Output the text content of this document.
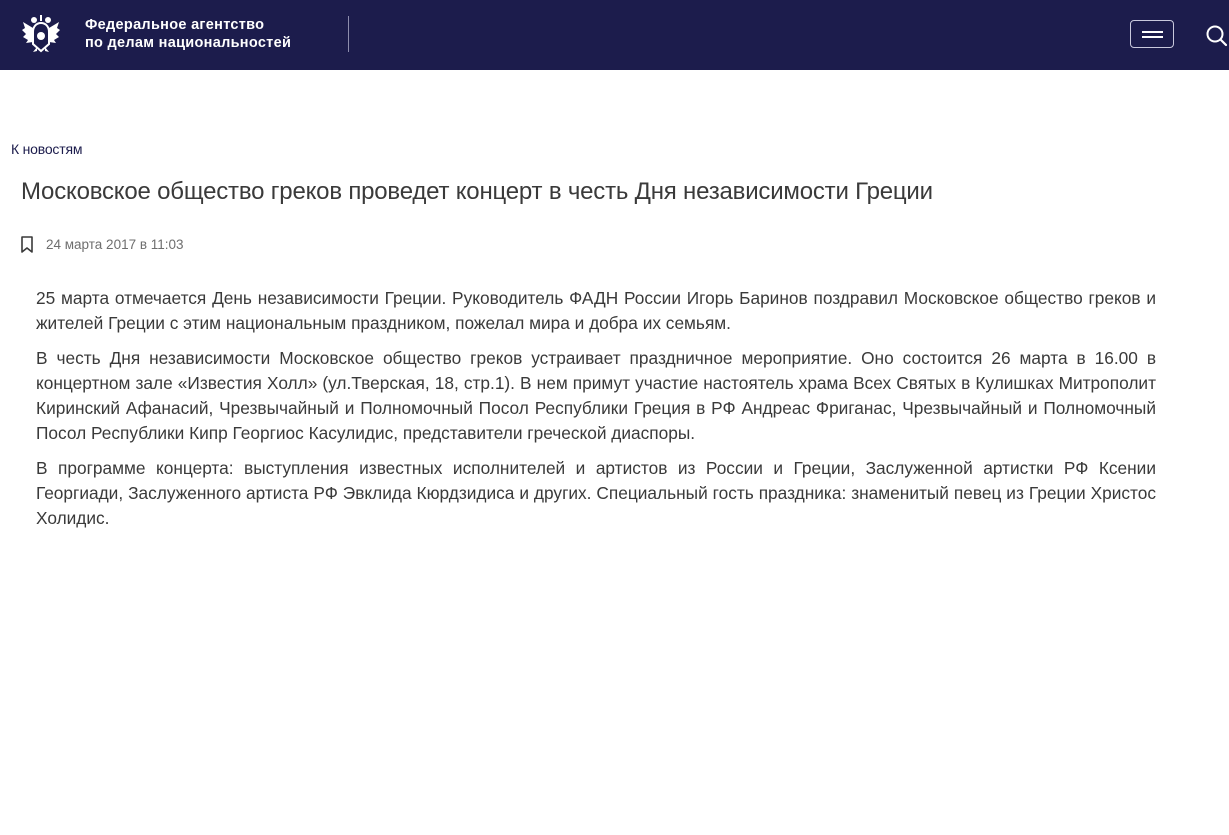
Федеральное агентство
по делам национальностей
К новостям
Московское общество греков проведет концерт в честь Дня независимости Греции
24 марта 2017 в 11:03

25 марта отмечается День независимости Греции. Руководитель ФАДН России Игорь Баринов поздравил Московское общество греков и жителей Греции с этим национальным праздником, пожелал мира и добра их семьям.

В честь Дня независимости Московское общество греков устраивает праздничное мероприятие. Оно состоится 26 марта в 16.00 в концертном зале «Известия Холл» (ул.Тверская, 18, стр.1). В нем примут участие настоятель храма Всех Святых в Кулишках Митрополит Киринский Афанасий, Чрезвычайный и Полномочный Посол Республики Греция в РФ Андреас Фриганас, Чрезвычайный и Полномочный Посол Республики Кипр Георгиос Касулидис, представители греческой диаспоры.

В программе концерта: выступления известных исполнителей и артистов из России и Греции, Заслуженной артистки РФ Ксении Георгиади, Заслуженного артиста РФ Эвклида Кюрдзидиса и других. Специальный гость праздника: знаменитый певец из Греции Христос Холидис.
